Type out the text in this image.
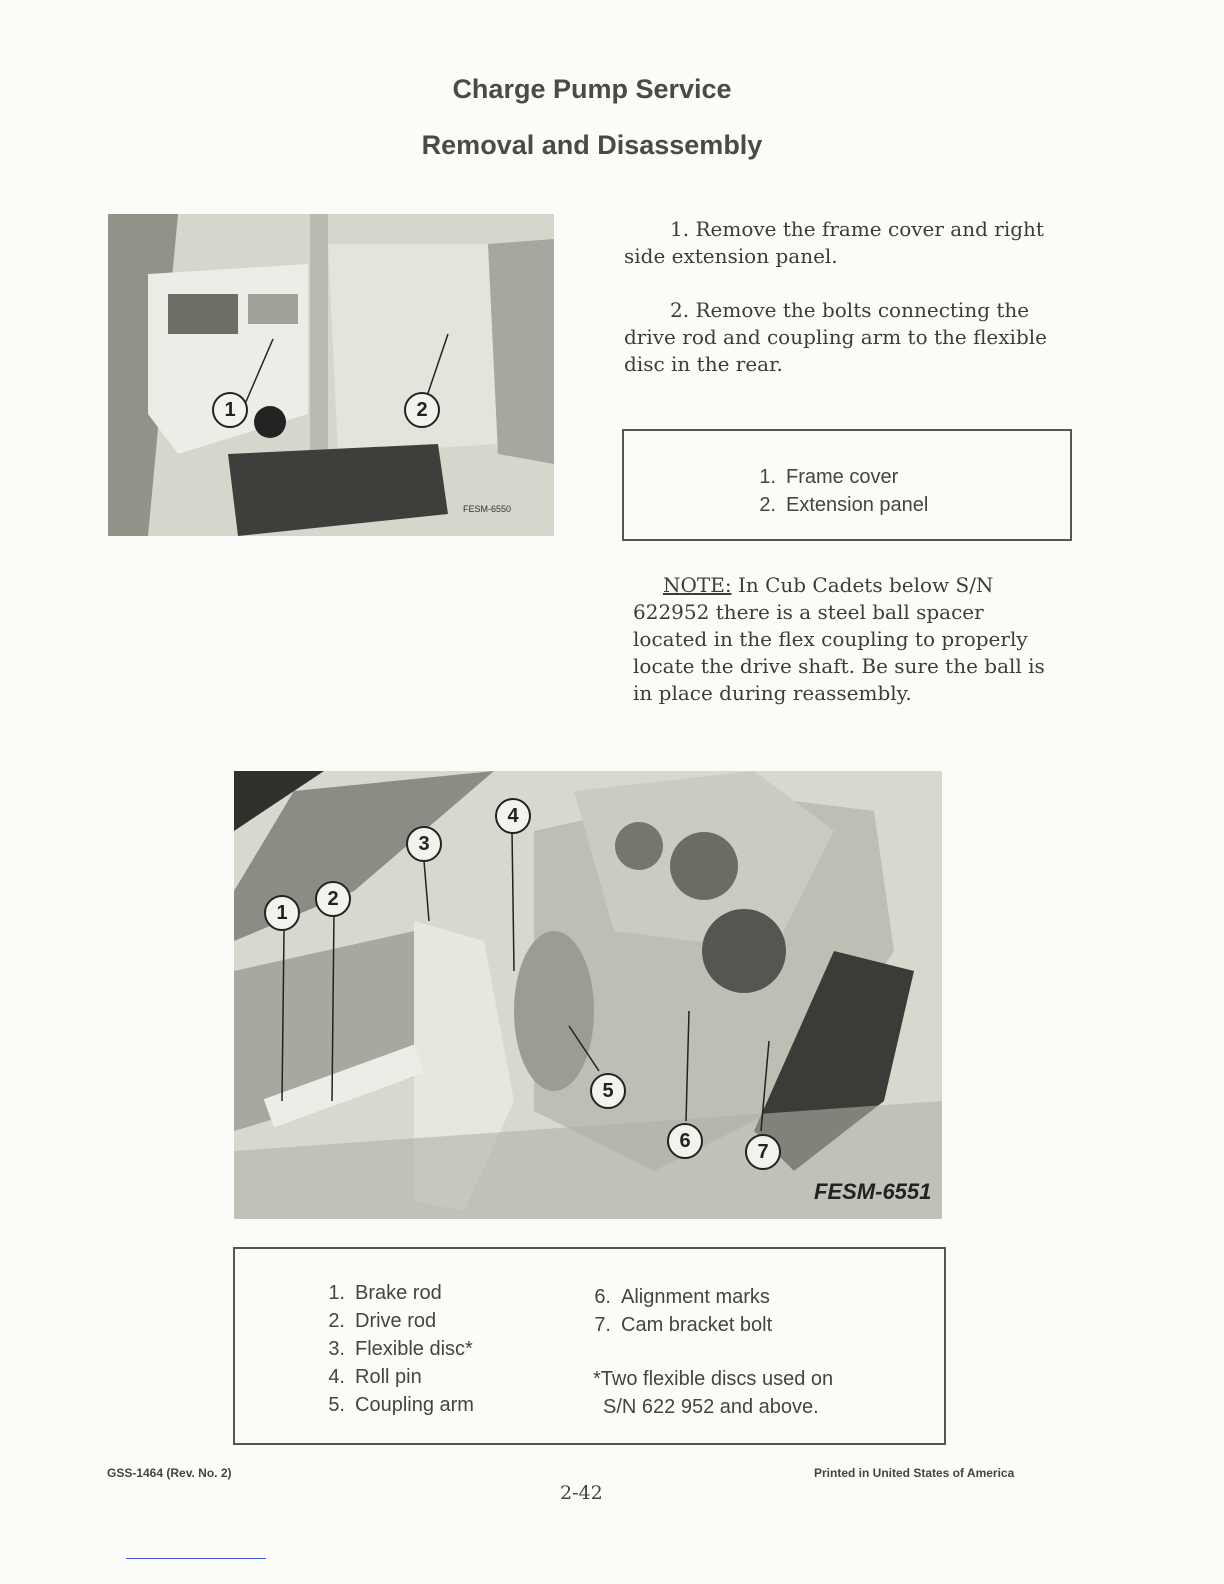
Charge Pump Service
Removal and Disassembly
FESM-6550
1	2
1. Remove the frame cover and right side extension panel.
2. Remove the bolts connecting the drive rod and coupling arm to the flexible disc in the rear.
1. Frame cover
2. Extension panel
NOTE: In Cub Cadets below S/N 622952 there is a steel ball spacer located in the flex coupling to properly locate the drive shaft. Be sure the ball is in place during reassembly.
FESM-6551
1
2
3
4
5
6	7
1. Brake rod
2. Drive rod
3. Flexible disc*
4. Roll pin
5. Coupling arm
6. Alignment marks
7. Cam bracket bolt
*Two flexible discs used on
S/N 622 952 and above.
GSS-1464 (Rev. No. 2)
2-42
Printed in United States of America
